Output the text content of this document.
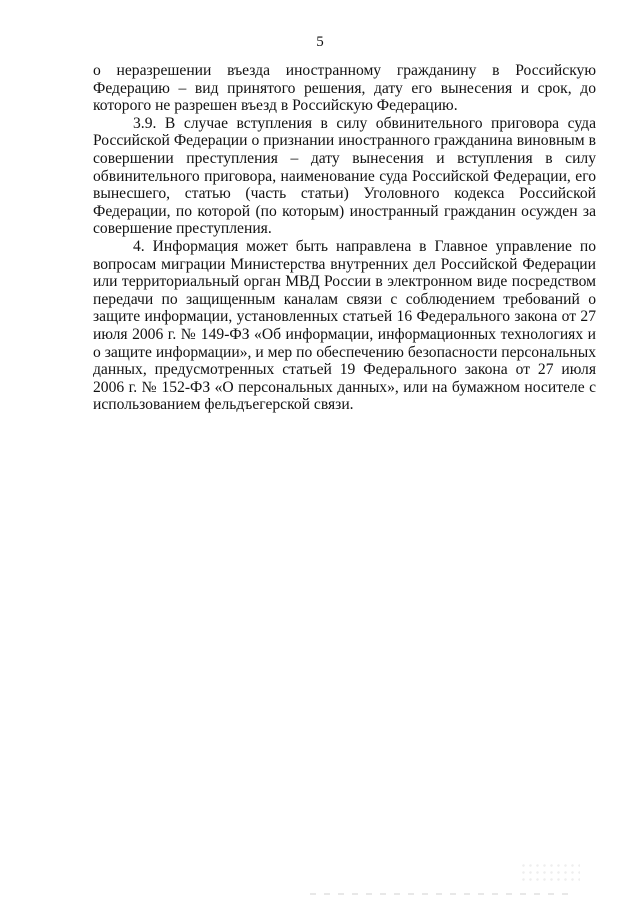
5

о неразрешении въезда иностранному гражданину в Российскую Федерацию – вид принятого решения, дату его вынесения и срок, до которого не разрешен въезд в Российскую Федерацию.

3.9. В случае вступления в силу обвинительного приговора суда Российской Федерации о признании иностранного гражданина виновным в совершении преступления – дату вынесения и вступления в силу обвинительного приговора, наименование суда Российской Федерации, его вынесшего, статью (часть статьи) Уголовного кодекса Российской Федерации, по которой (по которым) иностранный гражданин осужден за совершение преступления.

4. Информация может быть направлена в Главное управление по вопросам миграции Министерства внутренних дел Российской Федерации или территориальный орган МВД России в электронном виде посредством передачи по защищенным каналам связи с соблюдением требований о защите информации, установленных статьей 16 Федерального закона от 27 июля 2006 г. № 149-ФЗ «Об информации, информационных технологиях и о защите информации», и мер по обеспечению безопасности персональных данных, предусмотренных статьей 19 Федерального закона от 27 июля 2006 г. № 152-ФЗ «О персональных данных», или на бумажном носителе с использованием фельдъегерской связи.
